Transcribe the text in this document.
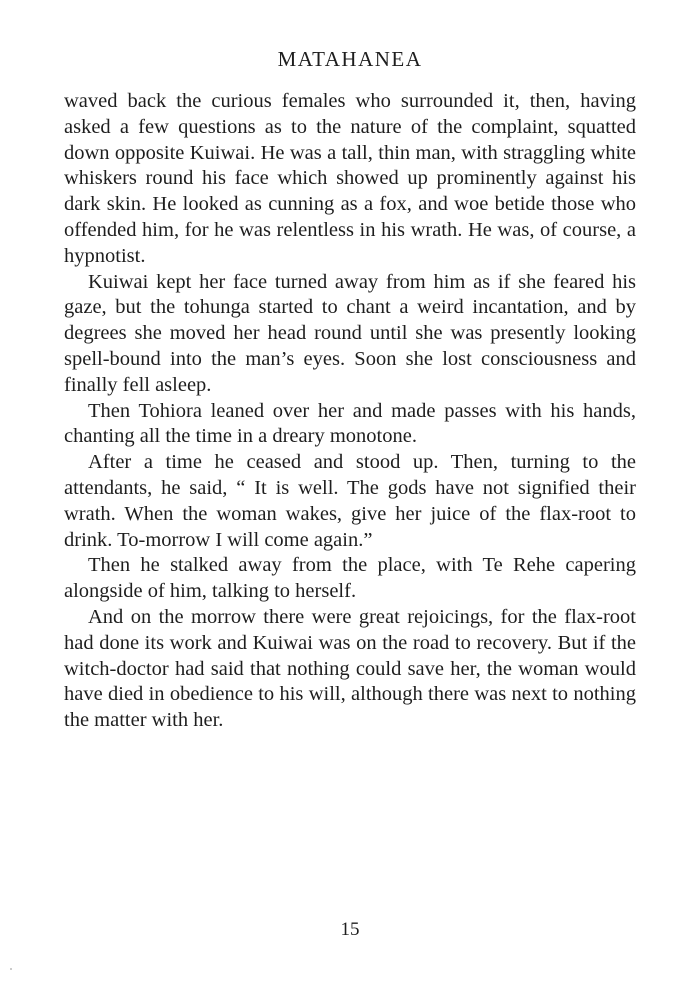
MATAHANEA

waved back the curious females who surrounded it, then, having asked a few questions as to the nature of the complaint, squatted down opposite Kuiwai. He was a tall, thin man, with straggling white whiskers round his face which showed up prominently against his dark skin. He looked as cunning as a fox, and woe betide those who offended him, for he was relentless in his wrath. He was, of course, a hypnotist.

Kuiwai kept her face turned away from him as if she feared his gaze, but the tohunga started to chant a weird incantation, and by degrees she moved her head round until she was presently looking spell-bound into the man’s eyes. Soon she lost consciousness and finally fell asleep.

Then Tohiora leaned over her and made passes with his hands, chanting all the time in a dreary monotone.

After a time he ceased and stood up. Then, turning to the attendants, he said, “ It is well. The gods have not signified their wrath. When the woman wakes, give her juice of the flax-root to drink. To-morrow I will come again.”

Then he stalked away from the place, with Te Rehe capering alongside of him, talking to herself.

And on the morrow there were great rejoicings, for the flax-root had done its work and Kuiwai was on the road to recovery. But if the witch-doctor had said that nothing could save her, the woman would have died in obedience to his will, although there was next to nothing the matter with her.

15
